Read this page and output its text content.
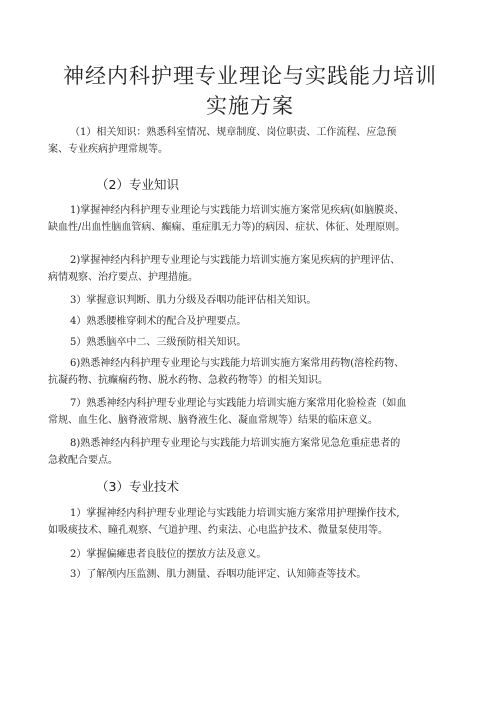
神经内科护理专业理论与实践能力培训
实施方案
（1）相关知识：熟悉科室情况、规章制度、岗位职责、工作流程、应急预
案、专业疾病护理常规等。
（2）专业知识
1)掌握神经内科护理专业理论与实践能力培训实施方案常见疾病(如脑膜炎、
缺血性/出血性脑血管病、癫痫、重症肌无力等)的病因、症状、体征、处理原则。
2)掌握神经内科护理专业理论与实践能力培训实施方案见疾病的护理评估、
病情观察、治疗要点、护理措施。
3）掌握意识判断、肌力分级及吞咽功能评估相关知识。
4）熟悉腰椎穿刺术的配合及护理要点。
5）熟悉脑卒中二、三级预防相关知识。
6)熟悉神经内科护理专业理论与实践能力培训实施方案常用药物(溶栓药物、
抗凝药物、抗癫痫药物、脱水药物、急救药物等）的相关知识。
7）熟悉神经内科护理专业理论与实践能力培训实施方案常用化验检查（如血
常规、血生化、脑脊液常规、脑脊液生化、凝血常规等）结果的临床意义。
8)熟悉神经内科护理专业理论与实践能力培训实施方案常见急危重症患者的
急救配合要点。
（3）专业技术
1）掌握神经内科护理专业理论与实践能力培训实施方案常用护理操作技术,
如吸痰技术、瞳孔观察、气道护理、约束法、心电监护技术、微量泵使用等。
2）掌握偏瘫患者良肢位的摆放方法及意义。
3）了解颅内压监测、肌力测量、吞咽功能评定、认知筛查等技术。
